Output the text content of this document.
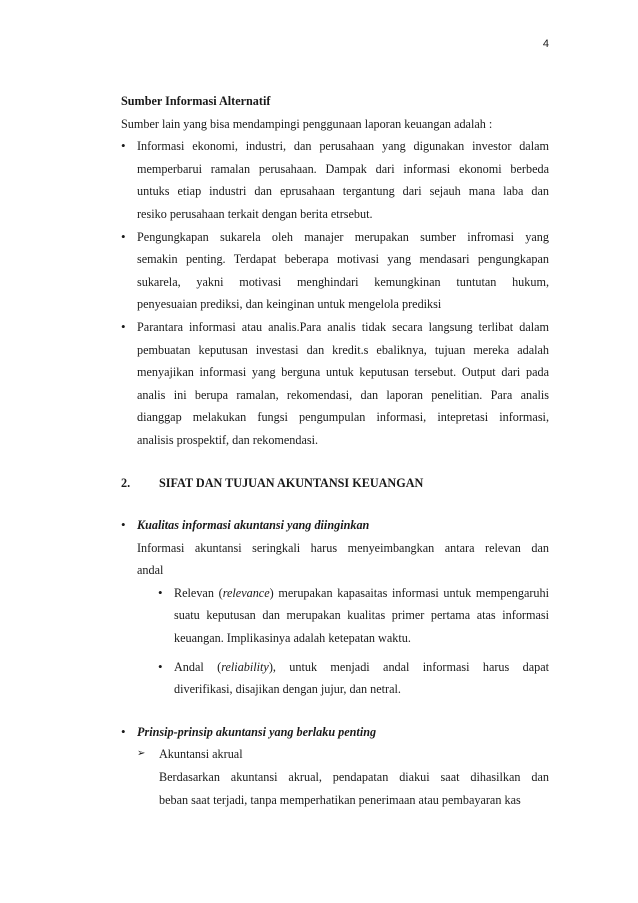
4

Sumber Informasi Alternatif

Sumber lain yang bisa mendampingi penggunaan laporan keuangan adalah :

• Informasi ekonomi, industri, dan perusahaan yang digunakan investor dalam
memperbarui ramalan perusahaan. Dampak dari informasi ekonomi berbeda
untuks etiap industri dan eprusahaan tergantung dari sejauh mana laba dan
resiko perusahaan terkait dengan berita etrsebut.
• Pengungkapan sukarela oleh manajer merupakan sumber infromasi yang
semakin penting. Terdapat beberapa motivasi yang mendasari pengungkapan
sukarela, yakni motivasi menghindari kemungkinan tuntutan hukum,
penyesuaian prediksi, dan keinginan untuk mengelola prediksi
• Parantara informasi atau analis.Para analis tidak secara langsung terlibat dalam
pembuatan keputusan investasi dan kredit.s ebaliknya, tujuan mereka adalah
menyajikan informasi yang berguna untuk keputusan tersebut. Output dari pada
analis ini berupa ramalan, rekomendasi, dan laporan penelitian. Para analis
dianggap melakukan fungsi pengumpulan informasi, intepretasi informasi,
analisis prospektif, dan rekomendasi.

2.	SIFAT DAN TUJUAN AKUNTANSI KEUANGAN

• Kualitas informasi akuntansi yang diinginkan
Informasi akuntansi seringkali harus menyeimbangkan antara relevan dan
andal
• Relevan (relevance) merupakan kapasaitas informasi untuk mempengaruhi
suatu keputusan dan merupakan kualitas primer pertama atas informasi
keuangan. Implikasinya adalah ketepatan waktu.
• Andal (reliability), untuk menjadi andal informasi harus dapat
diverifikasi, disajikan dengan jujur, dan netral.
• Prinsip-prinsip akuntansi yang berlaku penting
➢ Akuntansi akrual
Berdasarkan akuntansi akrual, pendapatan diakui saat dihasilkan dan
beban saat terjadi, tanpa memperhatikan penerimaan atau pembayaran kas
